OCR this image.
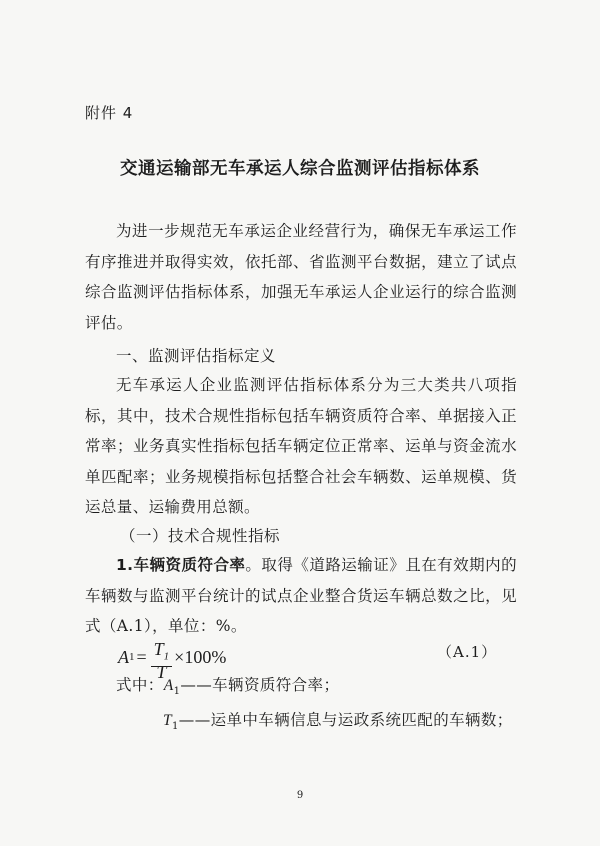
附件 4
交通运输部无车承运人综合监测评估指标体系
为进一步规范无车承运企业经营行为，确保无车承运工作有序推进并取得实效，依托部、省监测平台数据，建立了试点综合监测评估指标体系，加强无车承运人企业运行的综合监测评估。
一、监测评估指标定义
无车承运人企业监测评估指标体系分为三大类共八项指标，其中，技术合规性指标包括车辆资质符合率、单据接入正常率；业务真实性指标包括车辆定位正常率、运单与资金流水单匹配率；业务规模指标包括整合社会车辆数、运单规模、货运总量、运输费用总额。
（一）技术合规性指标
1.车辆资质符合率。取得《道路运输证》且在有效期内的车辆数与监测平台统计的试点企业整合货运车辆总数之比，见式（A.1），单位：%。
A $1 = \frac{T_1}{T} \times 100\%$	（A.1）
式中：$A_1——$车辆资质符合率；
$T_1——$运单中车辆信息与运政系统匹配的车辆数；
9
